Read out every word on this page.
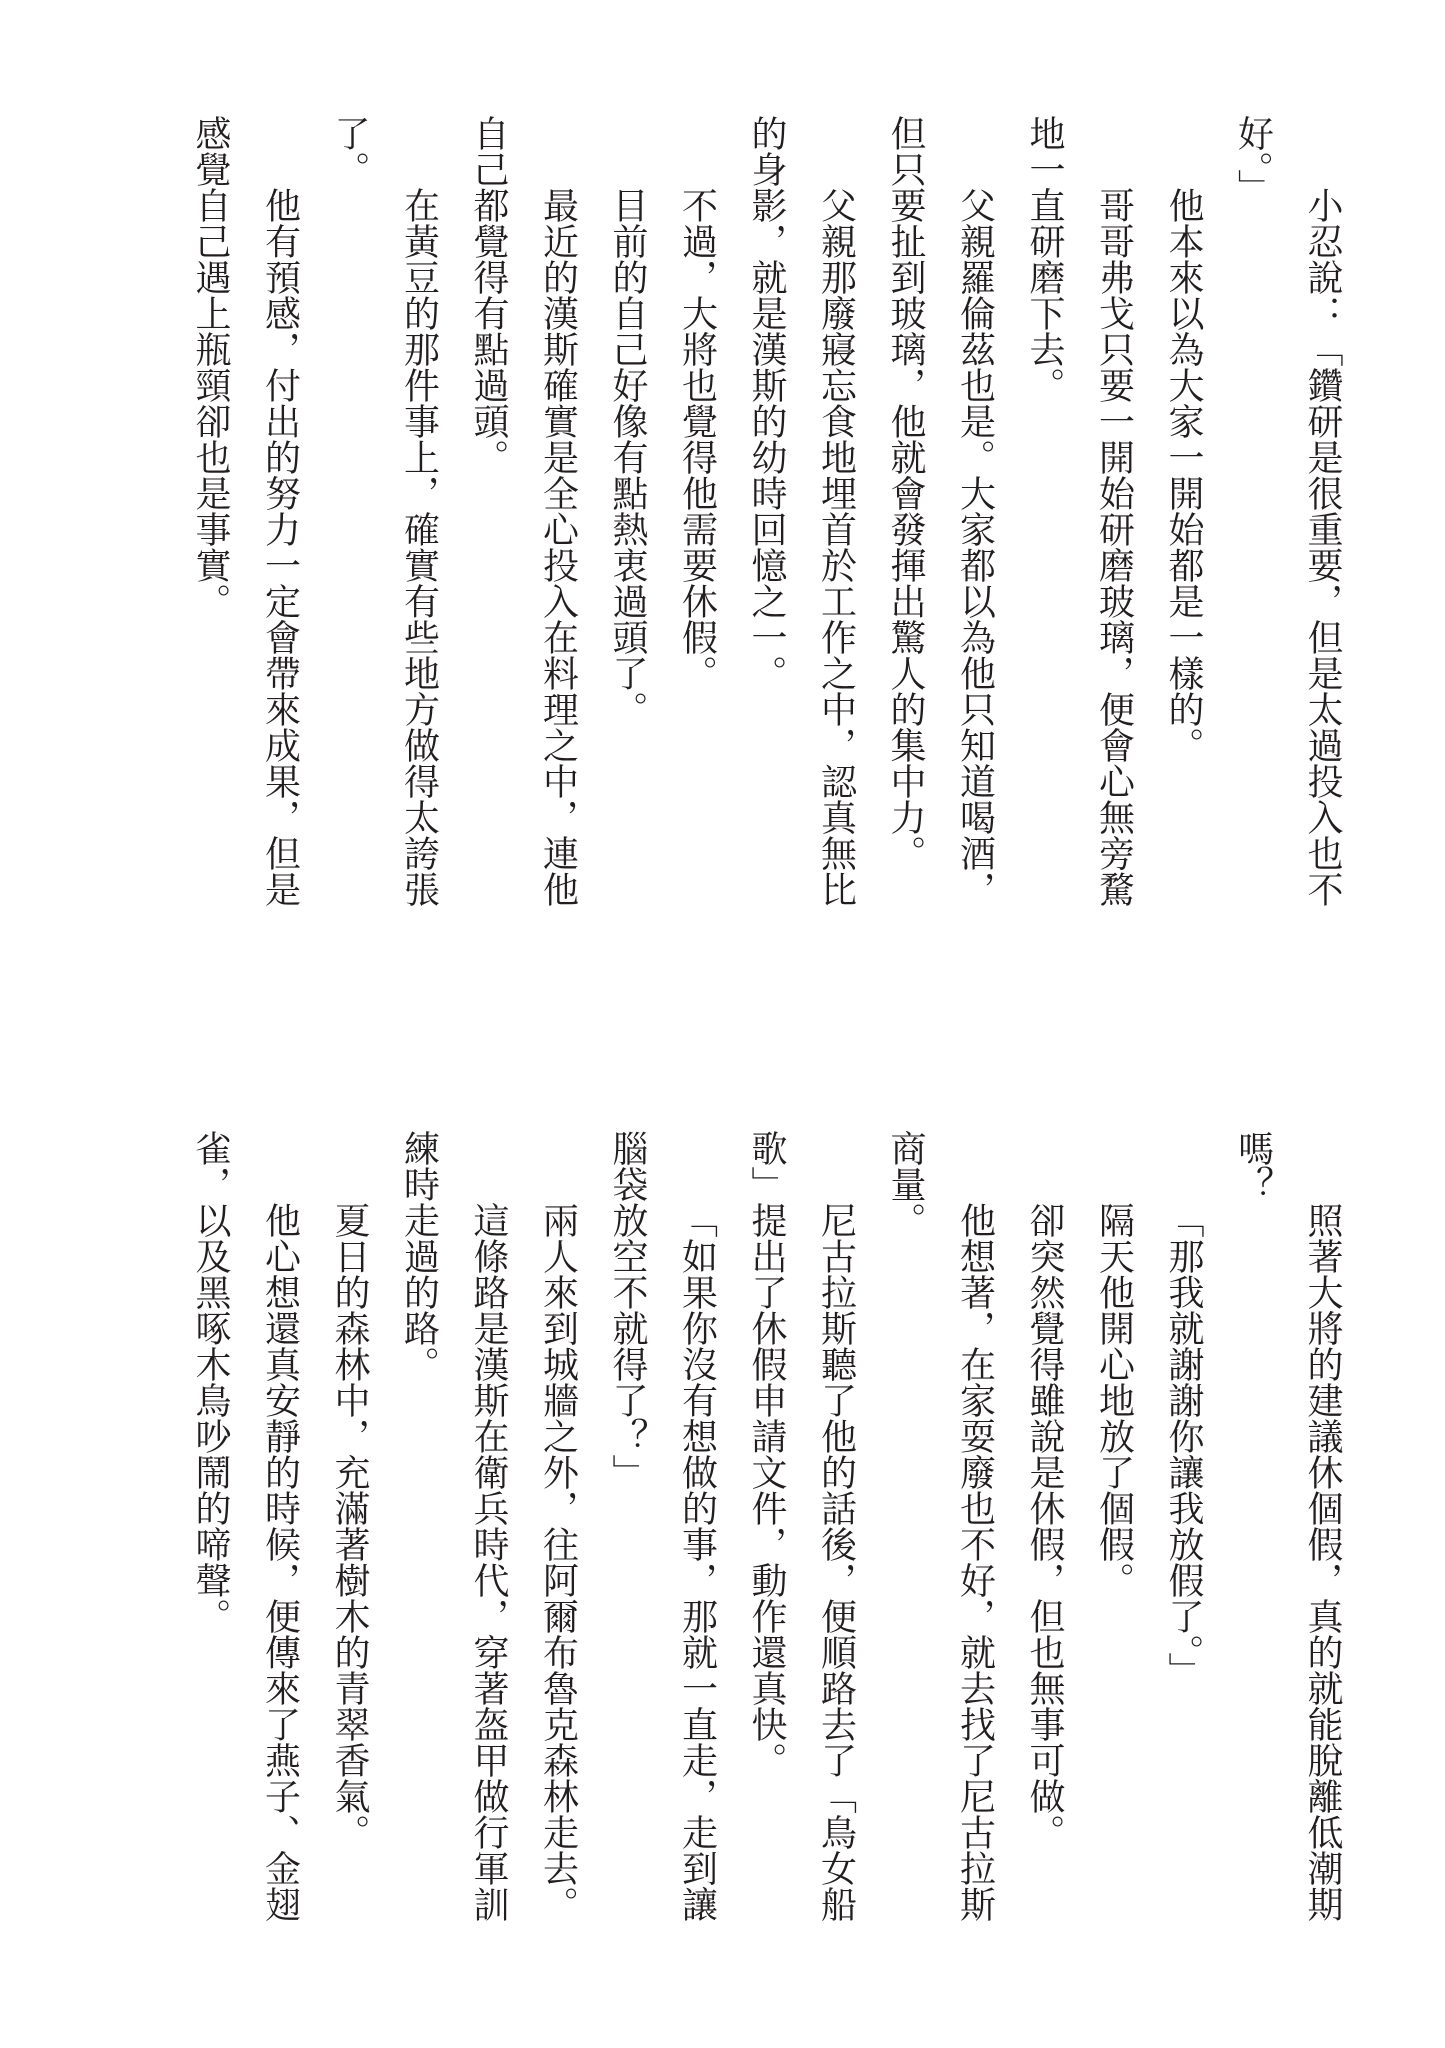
小忍說：「鑽研是很重要，但是太過投入也不
好。」
他本來以為大家一開始都是一樣的。
哥哥弗戈只要一開始研磨玻璃，便會心無旁騖
地一直研磨下去。
父親羅倫茲也是。大家都以為他只知道喝酒，
但只要扯到玻璃，他就會發揮出驚人的集中力。
父親那廢寢忘食地埋首於工作之中，認真無比
的身影，就是漢斯的幼時回憶之一。
不過，大將也覺得他需要休假。
目前的自己好像有點熱衷過頭了。
最近的漢斯確實是全心投入在料理之中，連他
自己都覺得有點過頭。
在黃豆的那件事上，確實有些地方做得太誇張
了。
他有預感，付出的努力一定會帶來成果，但是
感覺自己遇上瓶頸卻也是事實。
照著大將的建議休個假，真的就能脫離低潮期
嗎？
「那我就謝謝你讓我放假了。」
隔天他開心地放了個假。
卻突然覺得雖說是休假，但也無事可做。
他想著，在家耍廢也不好，就去找了尼古拉斯
商量。
尼古拉斯聽了他的話後，便順路去了「鳥女船
歌」提出了休假申請文件，動作還真快。
「如果你沒有想做的事，那就一直走，走到讓
腦袋放空不就得了？」
兩人來到城牆之外，往阿爾布魯克森林走去。
這條路是漢斯在衛兵時代，穿著盔甲做行軍訓
練時走過的路。
夏日的森林中，充滿著樹木的青翠香氣。
他心想還真安靜的時候，便傳來了燕子、金翅
雀，以及黑啄木鳥吵鬧的啼聲。
